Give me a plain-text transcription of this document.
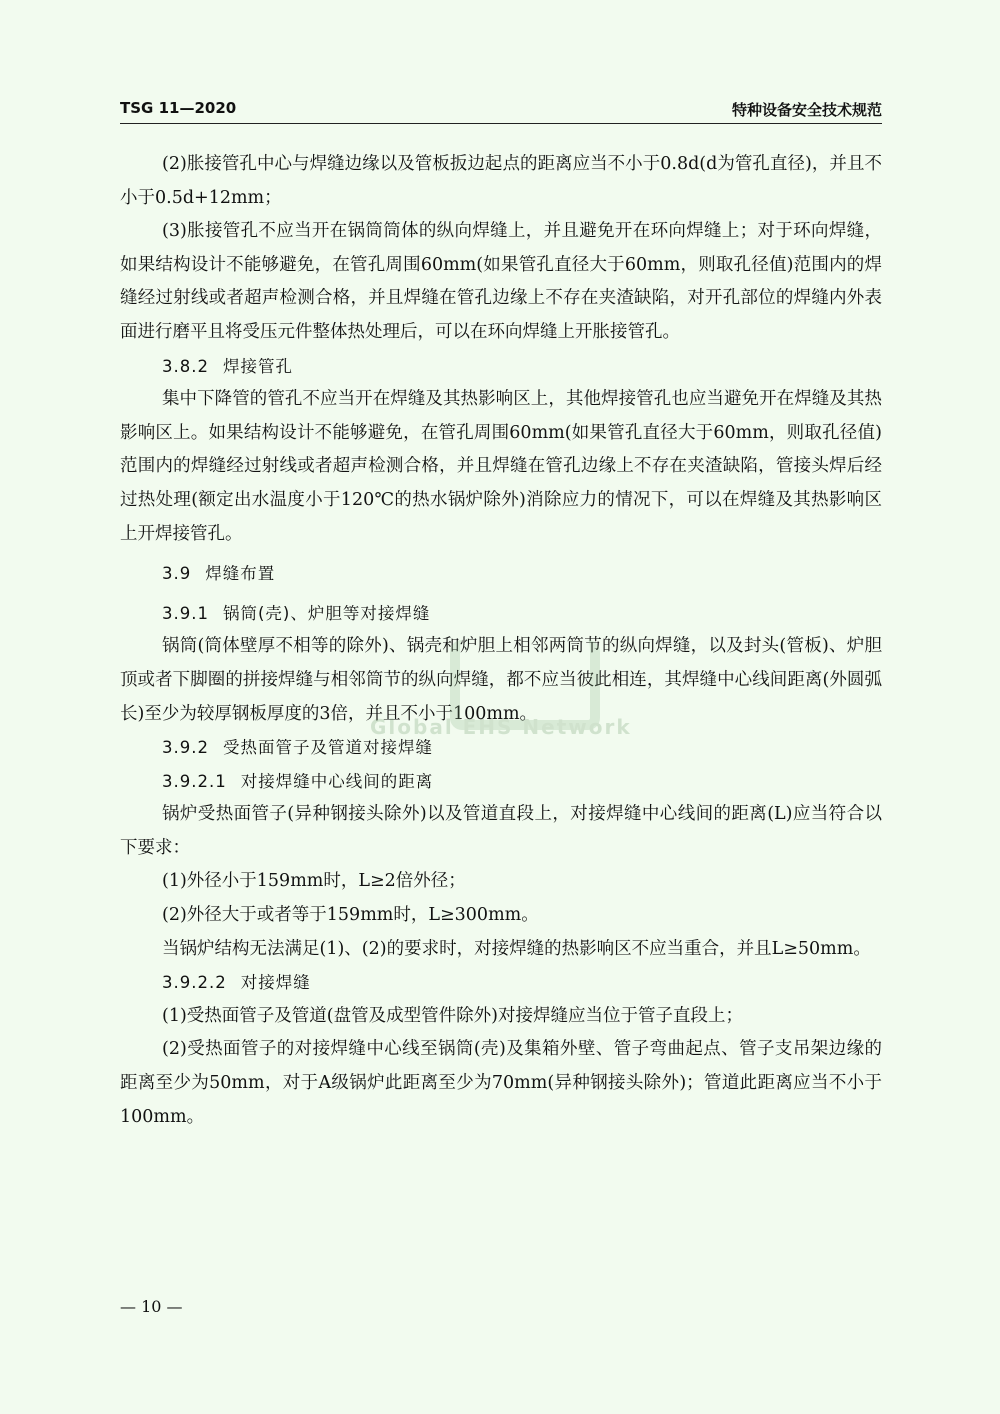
TSG 11—2020	特种设备安全技术规范

(2)胀接管孔中心与焊缝边缘以及管板扳边起点的距离应当不小于0.8d(d为管孔直径)，并且不小于0.5d+12mm；

(3)胀接管孔不应当开在锅筒筒体的纵向焊缝上，并且避免开在环向焊缝上；对于环向焊缝，如果结构设计不能够避免，在管孔周围60mm(如果管孔直径大于60mm，则取孔径值)范围内的焊缝经过射线或者超声检测合格，并且焊缝在管孔边缘上不存在夹渣缺陷，对开孔部位的焊缝内外表面进行磨平且将受压元件整体热处理后，可以在环向焊缝上开胀接管孔。

3.8.2 焊接管孔

集中下降管的管孔不应当开在焊缝及其热影响区上，其他焊接管孔也应当避免开在焊缝及其热影响区上。如果结构设计不能够避免，在管孔周围60mm(如果管孔直径大于60mm，则取孔径值)范围内的焊缝经过射线或者超声检测合格，并且焊缝在管孔边缘上不存在夹渣缺陷，管接头焊后经过热处理(额定出水温度小于120℃的热水锅炉除外)消除应力的情况下，可以在焊缝及其热影响区上开焊接管孔。

3.9 焊缝布置

3.9.1 锅筒(壳)、炉胆等对接焊缝

锅筒(筒体壁厚不相等的除外)、锅壳和炉胆上相邻两筒节的纵向焊缝，以及封头(管板)、炉胆顶或者下脚圈的拼接焊缝与相邻筒节的纵向焊缝，都不应当彼此相连，其焊缝中心线间距离(外圆弧长)至少为较厚钢板厚度的3倍，并且不小于100mm。

3.9.2 受热面管子及管道对接焊缝

3.9.2.1 对接焊缝中心线间的距离

锅炉受热面管子(异种钢接头除外)以及管道直段上，对接焊缝中心线间的距离(L)应当符合以下要求：

(1)外径小于159mm时，L≥2倍外径；

(2)外径大于或者等于159mm时，L≥300mm。

当锅炉结构无法满足(1)、(2)的要求时，对接焊缝的热影响区不应当重合，并且L≥50mm。

3.9.2.2 对接焊缝

(1)受热面管子及管道(盘管及成型管件除外)对接焊缝应当位于管子直段上；

(2)受热面管子的对接焊缝中心线至锅筒(壳)及集箱外壁、管子弯曲起点、管子支吊架边缘的距离至少为50mm，对于A级锅炉此距离至少为70mm(异种钢接头除外)；管道此距离应当不小于100mm。

Global EHS Network
— 10 —
